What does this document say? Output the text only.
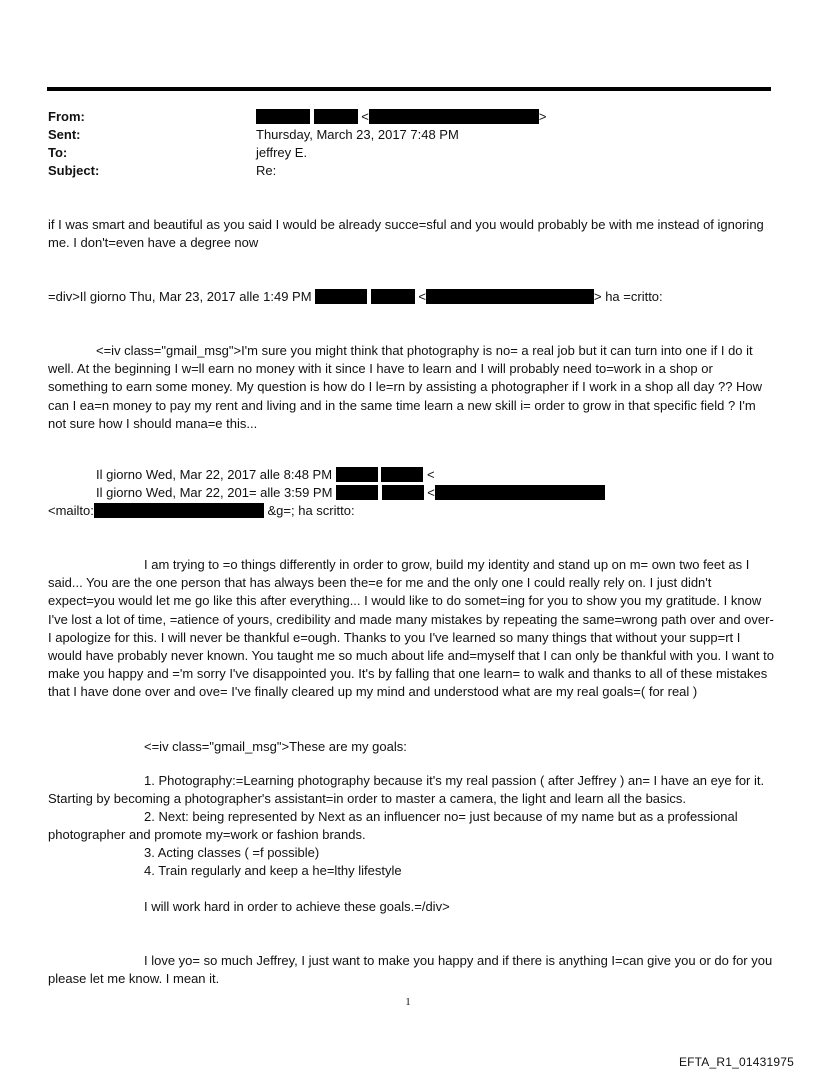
From:	<	>
Sent:	Thursday, March 23, 2017 7:48 PM
To:	jeffrey E.
Subject:	Re:
if I was smart and beautiful as you said I would be already succe=sful and you would probably be with me instead of ignoring me. I don't=even have a degree now
=div>Il giorno Thu, Mar 23, 2017 alle 1:49 PM	<	> ha =critto:
<=iv class="gmail_msg">I'm sure you might think that photography is no= a real job but it can turn into one if I do it well. At the beginning I w=ll earn no money with it since I have to learn and I will probably need to=work in a shop or something to earn some money. My question is how do I le=rn by assisting a photographer if I work in a shop all day ?? How can I ea=n money to pay my rent and living and in the same time learn a new skill i= order to grow in that specific field ? I'm not sure how I should mana=e this...
Il giorno Wed, Mar 22, 2017 alle 8:48 PM	<
Il giorno Wed, Mar 22, 201= alle 3:59 PM	<
<mailto:	&g=; ha scritto:
I am trying to =o things differently in order to grow, build my identity and stand up on m= own two feet as I said... You are the one person that has always been the=e for me and the only one I could really rely on. I just didn't expect=you would let me go like this after everything... I would like to do somet=ing for you to show you my gratitude. I know I've lost a lot of time, =atience of yours, credibility and made many mistakes by repeating the same=wrong path over and over- I apologize for this. I will never be thankful e=ough. Thanks to you I've learned so many things that without your supp=rt I would have probably never known. You taught me so much about life and=myself that I can only be thankful with you. I want to make you happy and ='m sorry I've disappointed you. It's by falling that one learn= to walk and thanks to all of these mistakes that I have done over and ove= I've finally cleared up my mind and understood what are my real goals=( for real )
<=iv class="gmail_msg">These are my goals:
1. Photography:=Learning photography because it's my real passion ( after Jeffrey ) an= I have an eye for it. Starting by becoming a photographer's assistant=in order to master a camera, the light and learn all the basics.
2. Next: being represented by Next as an influencer no= just because of my name but as a professional photographer and promote my=work or fashion brands.
3. Acting classes ( =f possible)
4. Train regularly and keep a he=lthy lifestyle
I will work hard in order to achieve these goals.=/div>
I love yo= so much Jeffrey, I just want to make you happy and if there is anything I=can give you or do for you please let me know. I mean it.
1
EFTA_R1_01431975
